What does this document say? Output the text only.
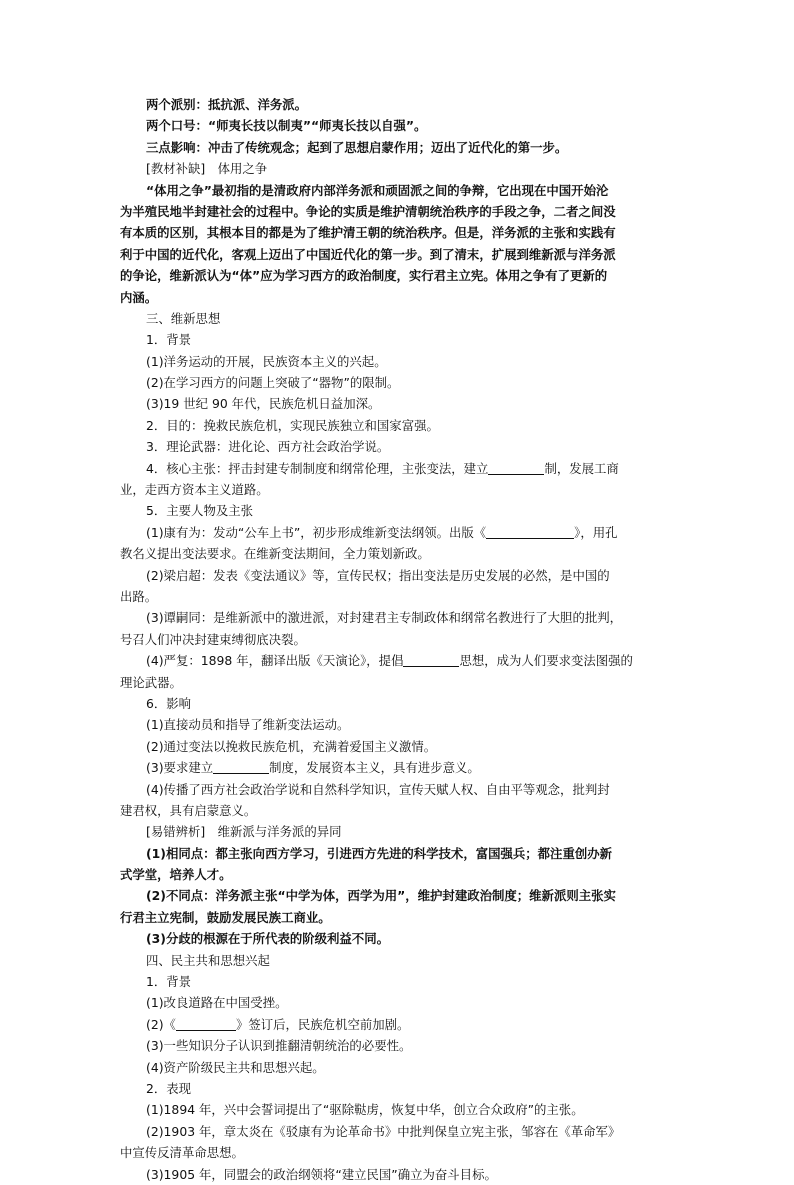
两个派别：抵抗派、洋务派。
两个口号：“师夷长技以制夷”“师夷长技以自强”。
三点影响：冲击了传统观念；起到了思想启蒙作用；迈出了近代化的第一步。
[教材补缺]　体用之争
“体用之争”最初指的是清政府内部洋务派和顽固派之间的争辩，它出现在中国开始沦
为半殖民地半封建社会的过程中。争论的实质是维护清朝统治秩序的手段之争，二者之间没
有本质的区别，其根本目的都是为了维护清王朝的统治秩序。但是，洋务派的主张和实践有
利于中国的近代化，客观上迈出了中国近代化的第一步。到了清末，扩展到维新派与洋务派
的争论，维新派认为“体”应为学习西方的政治制度，实行君主立宪。体用之争有了更新的
内涵。
三、维新思想
1．背景
(1)洋务运动的开展，民族资本主义的兴起。
(2)在学习西方的问题上突破了“器物”的限制。
(3)19 世纪 90 年代，民族危机日益加深。
2．目的：挽救民族危机，实现民族独立和国家富强。
3．理论武器：进化论、西方社会政治学说。
4．核心主张：抨击封建专制制度和纲常伦理，主张变法，建立	制，发展工商
业，走西方资本主义道路。
5．主要人物及主张
(1)康有为：发动“公车上书”，初步形成维新变法纲领。出版《	》，用孔
教名义提出变法要求。在维新变法期间，全力策划新政。
(2)梁启超：发表《变法通议》等，宣传民权；指出变法是历史发展的必然，是中国的
出路。
(3)谭嗣同：是维新派中的激进派，对封建君主专制政体和纲常名教进行了大胆的批判，
号召人们冲决封建束缚彻底决裂。
(4)严复：1898 年，翻译出版《天演论》，提倡	思想，成为人们要求变法图强的
理论武器。
6．影响
(1)直接动员和指导了维新变法运动。
(2)通过变法以挽救民族危机，充满着爱国主义激情。
(3)要求建立	制度，发展资本主义，具有进步意义。
(4)传播了西方社会政治学说和自然科学知识，宣传天赋人权、自由平等观念，批判封
建君权，具有启蒙意义。
[易错辨析]　维新派与洋务派的异同
(1)相同点：都主张向西方学习，引进西方先进的科学技术，富国强兵；都注重创办新
式学堂，培养人才。
(2)不同点：洋务派主张“中学为体，西学为用”，维护封建政治制度；维新派则主张实
行君主立宪制，鼓励发展民族工商业。
(3)分歧的根源在于所代表的阶级利益不同。
四、民主共和思想兴起
1．背景
(1)改良道路在中国受挫。
(2)《	》签订后，民族危机空前加剧。
(3)一些知识分子认识到推翻清朝统治的必要性。
(4)资产阶级民主共和思想兴起。
2．表现
(1)1894 年，兴中会誓词提出了“驱除鞑虏，恢复中华，创立合众政府”的主张。
(2)1903 年，章太炎在《驳康有为论革命书》中批判保皇立宪主张，邹容在《革命军》
中宣传反清革命思想。
(3)1905 年，同盟会的政治纲领将“建立民国”确立为奋斗目标。
